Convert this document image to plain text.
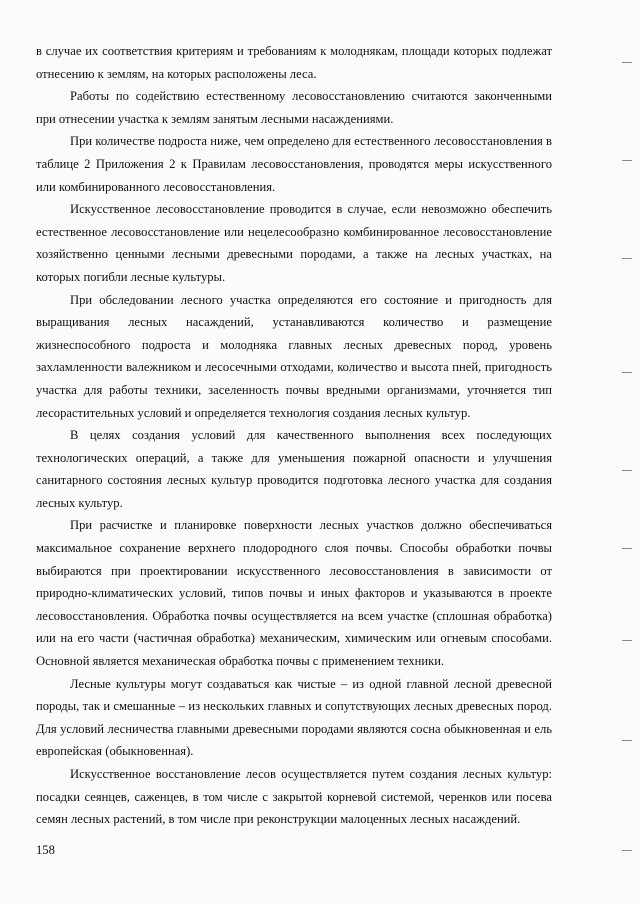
в случае их соответствия критериям и требованиям к молоднякам, площади которых подлежат отнесению к землям, на которых расположены леса.

Работы по содействию естественному лесовосстановлению считаются законченными при отнесении участка к землям занятым лесными насаждениями.

При количестве подроста ниже, чем определено для естественного лесовосстановления в таблице 2 Приложения 2 к Правилам лесовосстановления, проводятся меры искусственного или комбинированного лесовосстановления.

Искусственное лесовосстановление проводится в случае, если невозможно обеспечить естественное лесовосстановление или нецелесообразно комбинированное лесовосстановление хозяйственно ценными лесными древесными породами, а также на лесных участках, на которых погибли лесные культуры.

При обследовании лесного участка определяются его состояние и пригодность для выращивания лесных насаждений, устанавливаются количество и размещение жизнеспособного подроста и молодняка главных лесных древесных пород, уровень захламленности валежником и лесосечными отходами, количество и высота пней, пригодность участка для работы техники, заселенность почвы вредными организмами, уточняется тип лесорастительных условий и определяется технология создания лесных культур.

В целях создания условий для качественного выполнения всех последующих технологических операций, а также для уменьшения пожарной опасности и улучшения санитарного состояния лесных культур проводится подготовка лесного участка для создания лесных культур.

При расчистке и планировке поверхности лесных участков должно обеспечиваться максимальное сохранение верхнего плодородного слоя почвы. Способы обработки почвы выбираются при проектировании искусственного лесовосстановления в зависимости от природно-климатических условий, типов почвы и иных факторов и указываются в проекте лесовосстановления. Обработка почвы осуществляется на всем участке (сплошная обработка) или на его части (частичная обработка) механическим, химическим или огневым способами. Основной является механическая обработка почвы с применением техники.

Лесные культуры могут создаваться как чистые – из одной главной лесной древесной породы, так и смешанные – из нескольких главных и сопутствующих лесных древесных пород. Для условий лесничества главными древесными породами являются сосна обыкновенная и ель европейская (обыкновенная).

Искусственное восстановление лесов осуществляется путем создания лесных культур: посадки сеянцев, саженцев, в том числе с закрытой корневой системой, черенков или посева семян лесных растений, в том числе при реконструкции малоценных лесных насаждений.

158
